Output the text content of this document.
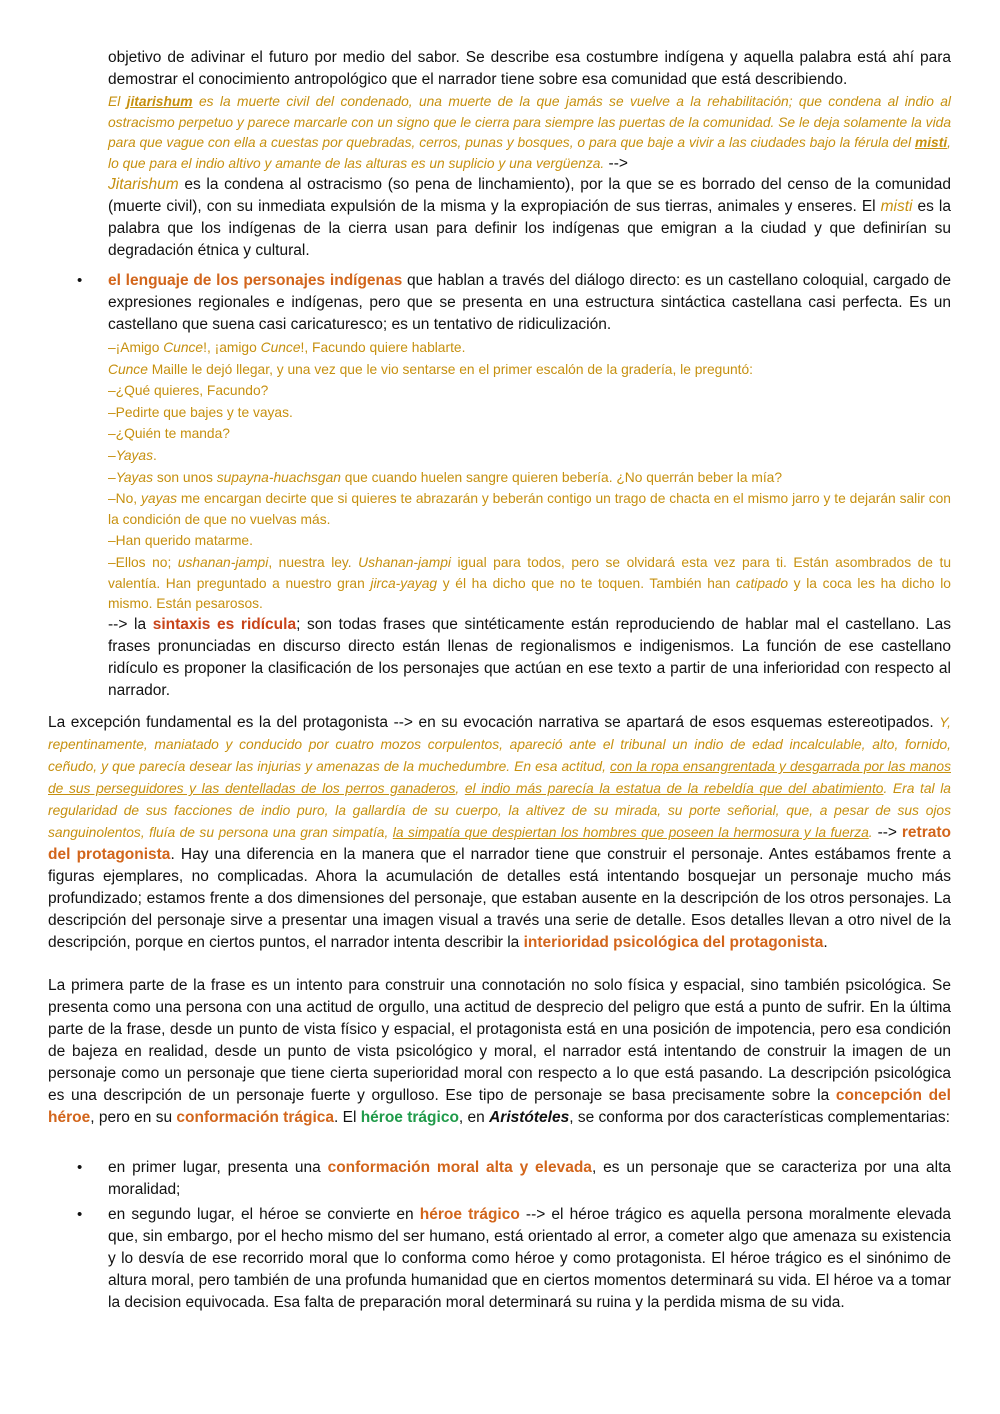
objetivo de adivinar el futuro por medio del sabor. Se describe esa costumbre indígena y aquella palabra está ahí para demostrar el conocimiento antropológico que el narrador tiene sobre esa comunidad que está describiendo.

El jitarishum es la muerte civil del condenado, una muerte de la que jamás se vuelve a la rehabilitación; que condena al indio al ostracismo perpetuo y parece marcarle con un signo que le cierra para siempre las puertas de la comunidad. Se le deja solamente la vida para que vague con ella a cuestas por quebradas, cerros, punas y bosques, o para que baje a vivir a las ciudades bajo la férula del misti, lo que para el indio altivo y amante de las alturas es un suplicio y una vergüenza. -->

Jitarishum es la condena al ostracismo (so pena de linchamiento), por la que se es borrado del censo de la comunidad (muerte civil), con su inmediata expulsión de la misma y la expropiación de sus tierras, animales y enseres. El misti es la palabra que los indígenas de la cierra usan para definir los indígenas que emigran a la ciudad y que definirían su degradación étnica y cultural.

• el lenguaje de los personajes indígenas que hablan a través del diálogo directo: es un castellano coloquial, cargado de expresiones regionales e indígenas, pero que se presenta en una estructura sintáctica castellana casi perfecta. Es un castellano que suena casi caricaturesco; es un tentativo de ridiculización.

–¡Amigo Cunce!, ¡amigo Cunce!, Facundo quiere hablarte.

Cunce Maille le dejó llegar, y una vez que le vio sentarse en el primer escalón de la gradería, le preguntó:

–¿Qué quieres, Facundo?

–Pedirte que bajes y te vayas.

–¿Quién te manda?

–Yayas.

–Yayas son unos supayna-huachsgan que cuando huelen sangre quieren bebería. ¿No querrán beber la mía?

–No, yayas me encargan decirte que si quieres te abrazarán y beberán contigo un trago de chacta en el mismo jarro y te dejarán salir con la condición de que no vuelvas más.

–Han querido matarme.

–Ellos no; ushanan-jampi, nuestra ley. Ushanan-jampi igual para todos, pero se olvidará esta vez para ti. Están asombrados de tu valentía. Han preguntado a nuestro gran jirca-yayag y él ha dicho que no te toquen. También han catipado y la coca les ha dicho lo mismo. Están pesarosos.

--> la sintaxis es ridícula; son todas frases que sintéticamente están reproduciendo de hablar mal el castellano. Las frases pronunciadas en discurso directo están llenas de regionalismos e indigenismos. La función de ese castellano ridículo es proponer la clasificación de los personajes que actúan en ese texto a partir de una inferioridad con respecto al narrador.

La excepción fundamental es la del protagonista --> en su evocación narrativa se apartará de esos esquemas estereotipados. Y, repentinamente, maniatado y conducido por cuatro mozos corpulentos, apareció ante el tribunal un indio de edad incalculable, alto, fornido, ceñudo, y que parecía desear las injurias y amenazas de la muchedumbre. En esa actitud, con la ropa ensangrentada y desgarrada por las manos de sus perseguidores y las dentelladas de los perros ganaderos, el indio más parecía la estatua de la rebeldía que del abatimiento. Era tal la regularidad de sus facciones de indio puro, la gallardía de su cuerpo, la altivez de su mirada, su porte señorial, que, a pesar de sus ojos sanguinolentos, fluía de su persona una gran simpatía, la simpatía que despiertan los hombres que poseen la hermosura y la fuerza. --> retrato del protagonista. Hay una diferencia en la manera que el narrador tiene que construir el personaje. Antes estábamos frente a figuras ejemplares, no complicadas. Ahora la acumulación de detalles está intentando bosquejar un personaje mucho más profundizado; estamos frente a dos dimensiones del personaje, que estaban ausente en la descripción de los otros personajes. La descripción del personaje sirve a presentar una imagen visual a través una serie de detalle. Esos detalles llevan a otro nivel de la descripción, porque en ciertos puntos, el narrador intenta describir la interioridad psicológica del protagonista.

La primera parte de la frase es un intento para construir una connotación no solo física y espacial, sino también psicológica. Se presenta como una persona con una actitud de orgullo, una actitud de desprecio del peligro que está a punto de sufrir. En la última parte de la frase, desde un punto de vista físico y espacial, el protagonista está en una posición de impotencia, pero esa condición de bajeza en realidad, desde un punto de vista psicológico y moral, el narrador está intentando de construir la imagen de un personaje como un personaje que tiene cierta superioridad moral con respecto a lo que está pasando. La descripción psicológica es una descripción de un personaje fuerte y orgulloso. Ese tipo de personaje se basa precisamente sobre la concepción del héroe, pero en su conformación trágica. El héroe trágico, en Aristóteles, se conforma por dos características complementarias:

• en primer lugar, presenta una conformación moral alta y elevada, es un personaje que se caracteriza por una alta moralidad;

• en segundo lugar, el héroe se convierte en héroe trágico --> el héroe trágico es aquella persona moralmente elevada que, sin embargo, por el hecho mismo del ser humano, está orientado al error, a cometer algo que amenaza su existencia y lo desvía de ese recorrido moral que lo conforma como héroe y como protagonista. El héroe trágico es el sinónimo de altura moral, pero también de una profunda humanidad que en ciertos momentos determinará su vida. El héroe va a tomar la decision equivocada. Esa falta de preparación moral determinará su ruina y la perdida misma de su vida.
